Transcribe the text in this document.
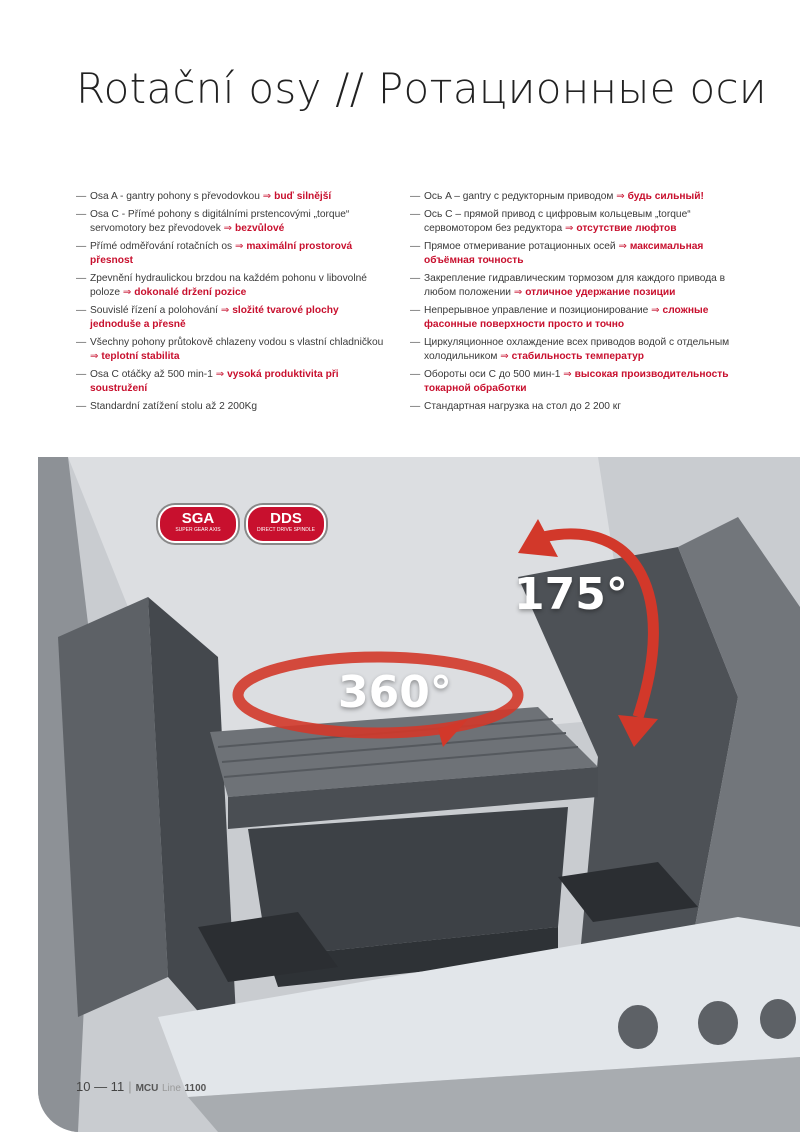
Rotační osy // Ротационные оси
— Osa A - gantry pohony s převodovkou ⇒ buď silnější
— Osa C - Přímé pohony s digitálními prstencovými „torque“ servomotory bez převodovek ⇒ bezvůlové
— Přímé odměřování rotačních os ⇒ maximální prostorová přesnost
— Zpevnění hydraulickou brzdou na každém pohonu v libovolné poloze ⇒ dokonalé držení pozice
— Souvislé řízení a polohování ⇒ složité tvarové plochy jednoduše a přesně
— Všechny pohony průtokově chlazeny vodou s vlastní chladničkou ⇒ teplotní stabilita
— Osa C otáčky až 500 min-1 ⇒ vysoká produktivita při soustružení
— Standardní zatížení stolu až 2 200Kg
— Ось A – gantry с редукторным приводом ⇒ будь сильный!
— Ось C – прямой привод с цифровым кольцевым „torque“ сервомотором без редуктора ⇒ отсутствие люфтов
— Прямое отмеривание ротационных осей ⇒ максимальная объёмная точность
— Закрепление гидравлическим тормозом для каждого привода в любом положении ⇒ отличное удержание позиции
— Непрерывное управление и позиционирование ⇒ сложные фасонные поверхности просто и точно
— Циркуляционное охлаждение всех приводов водой с отдельным холодильником ⇒ стабильность температур
— Обороты оси C до 500 мин-1 ⇒ высокая производительность токарной обработки
— Стандартная нагрузка на стол до 2 200 кг
SGA
SUPER GEAR AXIS
DDS
DIRECT DRIVE SPINDLE
175°
360°
10 — 11 | MCU Line 1100
